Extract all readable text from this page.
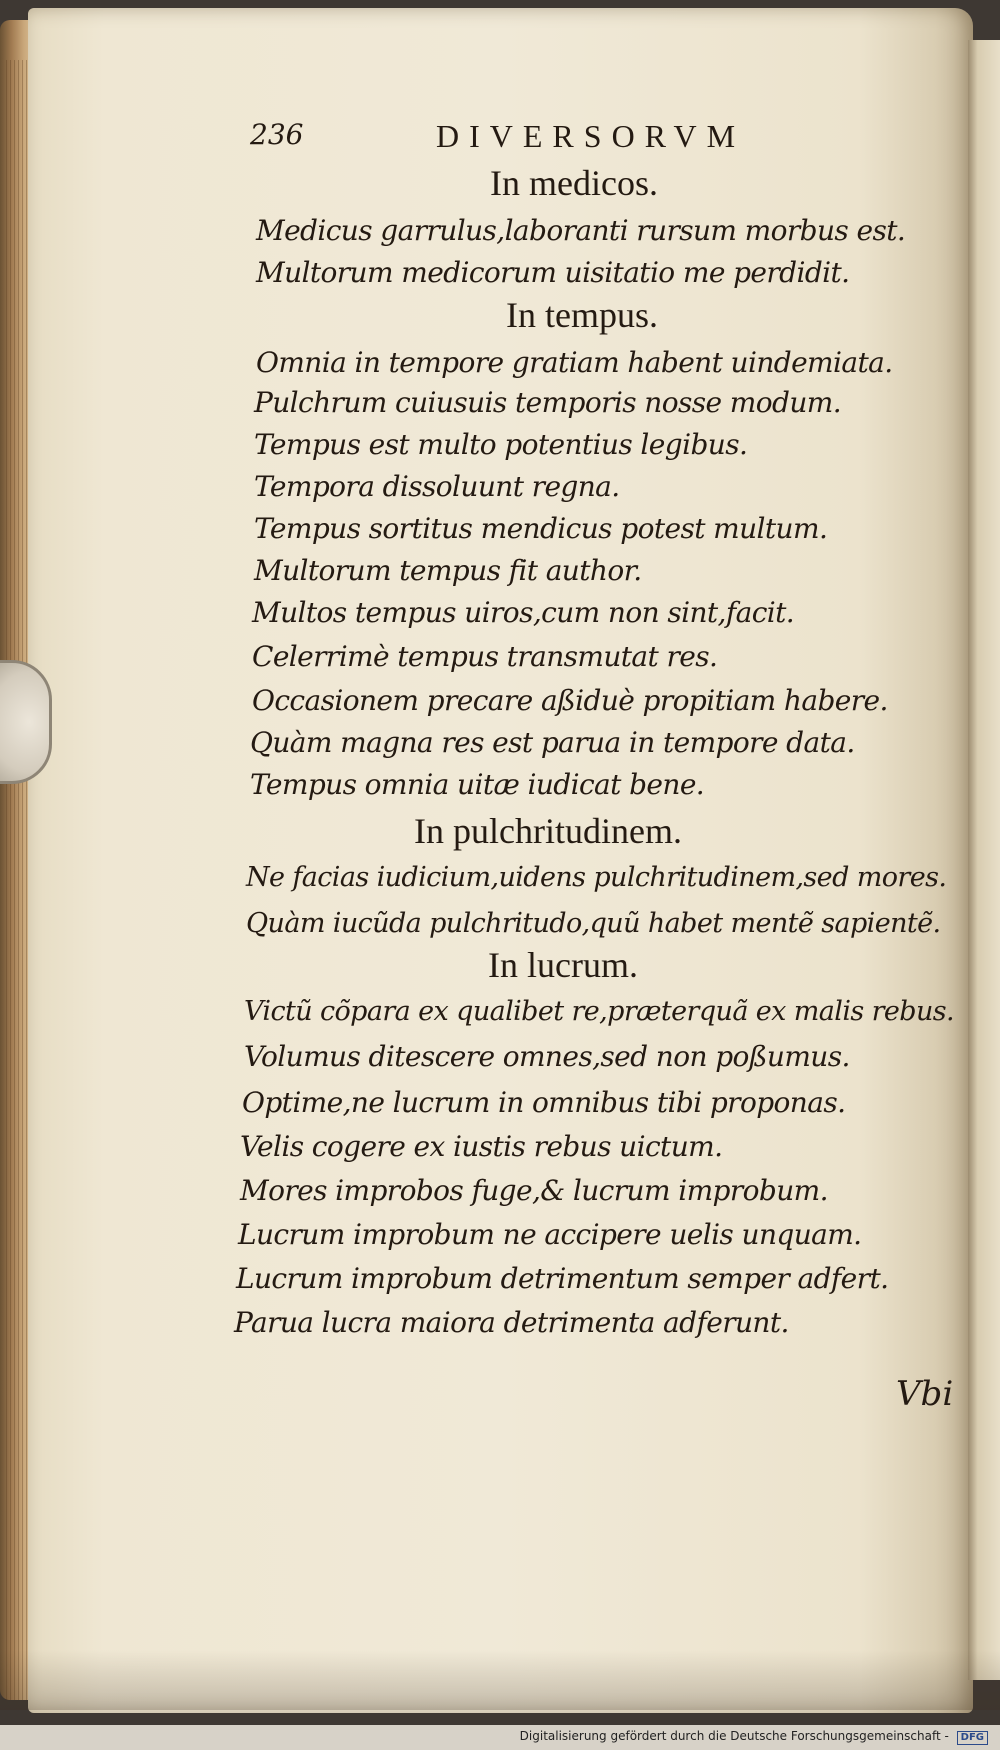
236	DIVERSORVM
In medicos.
Medicus garrulus,laboranti rursum morbus est.
Multorum medicorum uisitatio me perdidit.
In tempus.
Omnia in tempore gratiam habent uindemiata.
Pulchrum cuiusuis temporis nosse modum.
Tempus est multo potentius legibus.
Tempora dissoluunt regna.
Tempus sortitus mendicus potest multum.
Multorum tempus fit author.
Multos tempus uiros,cum non sint,facit.
Celerrimè tempus transmutat res.
Occasionem precare aßiduè propitiam habere.
Quàm magna res est parua in tempore data.
Tempus omnia uitæ iudicat bene.
In pulchritudinem.
Ne facias iudicium,uidens pulchritudinem,sed mores.
Quàm iucũda pulchritudo,quũ habet mentẽ sapientẽ.
In lucrum.
Victũ cõpara ex qualibet re,præterquã ex malis rebus.
Volumus ditescere omnes,sed non poßumus.
Optime,ne lucrum in omnibus tibi proponas.
Velis cogere ex iustis rebus uictum.
Mores improbos fuge,& lucrum improbum.
Lucrum improbum ne accipere uelis unquam.
Lucrum improbum detrimentum semper adfert.
Parua lucra maiora detrimenta adferunt.
Vbi
Digitalisierung gefördert durch die Deutsche Forschungsgemeinschaft - DFG
